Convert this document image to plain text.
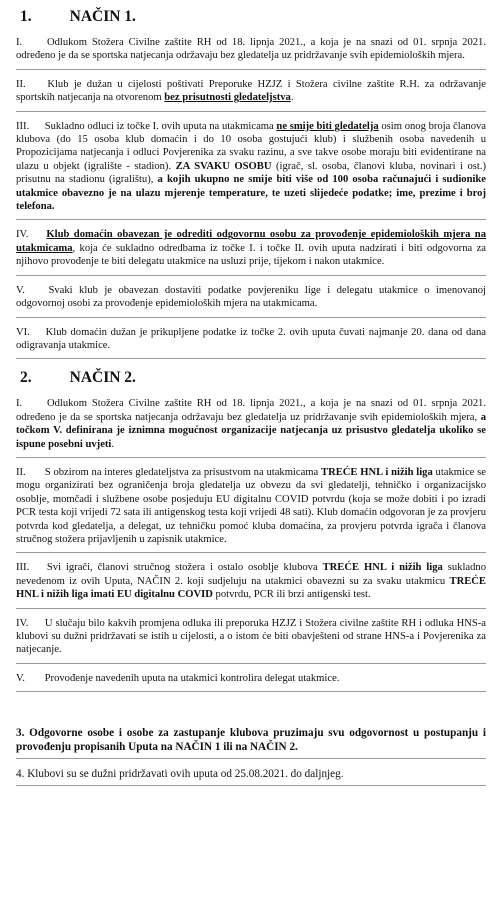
1. NAČIN 1.

I. Odlukom Stožera Civilne zaštite RH od 18. lipnja 2021., a koja je na snazi od 01. srpnja 2021. određeno je da se sportska natjecanja održavaju bez gledatelja uz pridržavanje svih epidemioloških mjera.

II. Klub je dužan u cijelosti poštivati Preporuke HZJZ i Stožera civilne zaštite R.H. za održavanje sportskih natjecanja na otvorenom bez prisutnosti gledateljstva.

III. Sukladno odluci iz točke I. ovih uputa na utakmicama ne smije biti gledatelja osim onog broja članova klubova (do 15 osoba klub domaćin i do 10 osoba gostujući klub) i službenih osoba navedenih u Propozicijama natjecanja i odluci Povjerenika za svaku razinu, a sve takve osobe moraju biti evidentirane na ulazu u objekt (igralište - stadion). ZA SVAKU OSOBU (igrač, sl. osoba, članovi kluba, novinari i ost.) prisutnu na stadionu (igralištu), a kojih ukupno ne smije biti više od 100 osoba računajući i sudionike utakmice obavezno je na ulazu mjerenje temperature, te uzeti slijedeće podatke; ime, prezime i broj telefona.

IV. Klub domaćin obavezan je odrediti odgovornu osobu za provođenje epidemioloških mjera na utakmicama, koja će sukladno odredbama iz točke I. i točke II. ovih uputa nadzirati i biti odgovorna za njihovo provođenje te biti delegatu utakmice na usluzi prije, tijekom i nakon utakmice.

V. Svaki klub je obavezan dostaviti podatke povjereniku lige i delegatu utakmice o imenovanoj odgovornoj osobi za provođenje epidemioloških mjera na utakmicama.

VI. Klub domaćin dužan je prikupljene podatke iz točke 2. ovih uputa čuvati najmanje 20. dana od dana odigravanja utakmice.

2. NAČIN 2.

I. Odlukom Stožera Civilne zaštite RH od 18. lipnja 2021., a koja je na snazi od 01. srpnja 2021. određeno je da se sportska natjecanja održavaju bez gledatelja uz pridržavanje svih epidemioloških mjera, a točkom V. definirana je iznimna mogućnost organizacije natjecanja uz prisustvo gledatelja ukoliko se ispune posebni uvjeti.

II. S obzirom na interes gledateljstva za prisustvom na utakmicama TREĆE HNL i nižih liga utakmice se mogu organizirati bez ograničenja broja gledatelja uz obvezu da svi gledatelji, tehničko i organizacijsko osoblje, momčadi i službene osobe posjeduju EU digitalnu COVID potvrdu (koja se može dobiti i po izradi PCR testa koji vrijedi 72 sata ili antigenskog testa koji vrijedi 48 sati). Klub domaćin odgovoran je za provjeru potvrda kod gledatelja, a delegat, uz tehničku pomoć kluba domaćina, za provjeru potvrda igrača i članova stručnog stožera prijavljenih u zapisnik utakmice.

III. Svi igrači, članovi stručnog stožera i ostalo osoblje klubova TREĆE HNL i nižih liga sukladno nevedenom iz ovih Uputa, NAČIN 2. koji sudjeluju na utakmici obavezni su za svaku utakmicu TREĆE HNL i nižih liga imati EU digitalnu COVID potvrdu, PCR ili brzi antigenski test.

IV. U slučaju bilo kakvih promjena odluka ili preporuka HZJZ i Stožera civilne zaštite RH i odluka HNS-a klubovi su dužni pridržavati se istih u cijelosti, a o istom će biti obavješteni od strane HNS-a i Povjerenika za natjecanje.

V. Provođenje navedenih uputa na utakmici kontrolira delegat utakmice.

3. Odgovorne osobe i osobe za zastupanje klubova pruzimaju svu odgovornost u postupanju i provođenju propisanih Uputa na NAČIN 1 ili na NAČIN 2.

4. Klubovi su se dužni pridržavati ovih uputa od 25.08.2021. do daljnjeg.
